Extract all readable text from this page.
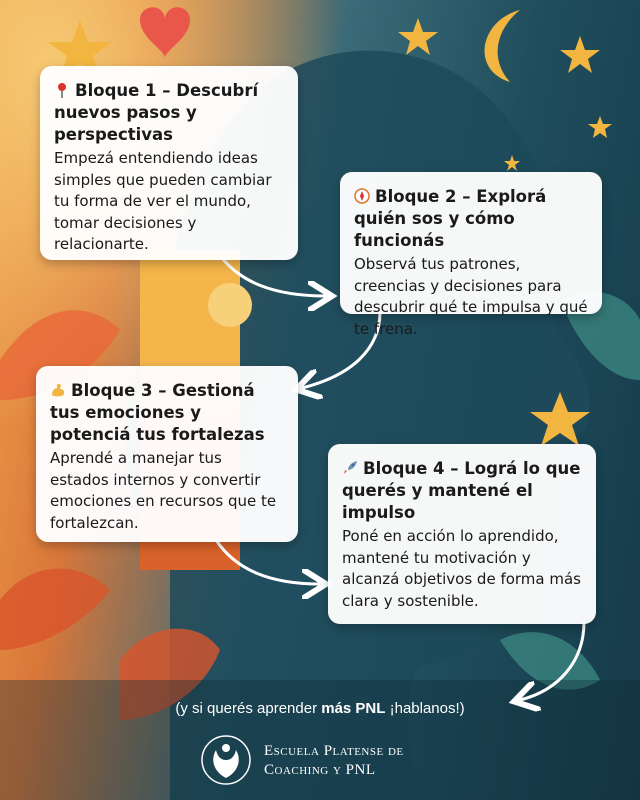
Bloque 1 – Descubrí nuevos pasos y perspectivas

Empezá entendiendo ideas simples que pueden cambiar tu forma de ver el mundo, tomar decisiones y relacionarte.

Bloque 2 – Explorá quién sos y cómo funcionás

Observá tus patrones, creencias y decisiones para descubrir qué te impulsa y qué te frena.

Bloque 3 – Gestioná tus emociones y potenciá tus fortalezas

Aprendé a manejar tus estados internos y convertir emociones en recursos que te fortalezcan.

Bloque 4 – Lográ lo que querés y mantené el impulso

Poné en acción lo aprendido, mantené tu motivación y alcanzá objetivos de forma más clara y sostenible.

(y si querés aprender más PNL ¡hablanos!)
Escuela Platense de
Coaching y PNL
